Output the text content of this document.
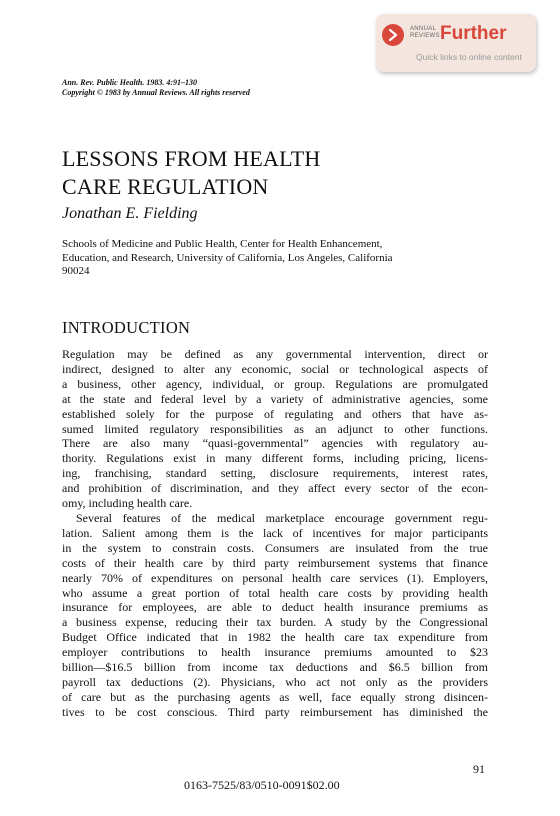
ANNUAL
REVIEWS Further
Quick links to online content
Ann. Rev. Public Health. 1983. 4:91–130
Copyright © 1983 by Annual Reviews. All rights reserved
LESSONS FROM HEALTH
CARE REGULATION
Jonathan E. Fielding
Schools of Medicine and Public Health, Center for Health Enhancement,
Education, and Research, University of California, Los Angeles, California
90024
INTRODUCTION
Regulation may be defined as any governmental intervention, direct or
indirect, designed to alter any economic, social or technological aspects of
a business, other agency, individual, or group. Regulations are promulgated
at the state and federal level by a variety of administrative agencies, some
established solely for the purpose of regulating and others that have as-
sumed limited regulatory responsibilities as an adjunct to other functions.
There are also many “quasi-governmental” agencies with regulatory au-
thority. Regulations exist in many different forms, including pricing, licens-
ing, franchising, standard setting, disclosure requirements, interest rates,
and prohibition of discrimination, and they affect every sector of the econ-
omy, including health care.
Several features of the medical marketplace encourage government regu-
lation. Salient among them is the lack of incentives for major participants
in the system to constrain costs. Consumers are insulated from the true
costs of their health care by third party reimbursement systems that finance
nearly 70% of expenditures on personal health care services (1). Employers,
who assume a great portion of total health care costs by providing health
insurance for employees, are able to deduct health insurance premiums as
a business expense, reducing their tax burden. A study by the Congressional
Budget Office indicated that in 1982 the health care tax expenditure from
employer contributions to health insurance premiums amounted to $23
billion—$16.5 billion from income tax deductions and $6.5 billion from
payroll tax deductions (2). Physicians, who act not only as the providers
of care but as the purchasing agents as well, face equally strong disincen-
tives to be cost conscious. Third party reimbursement has diminished the
91
0163-7525/83/0510-0091$02.00
